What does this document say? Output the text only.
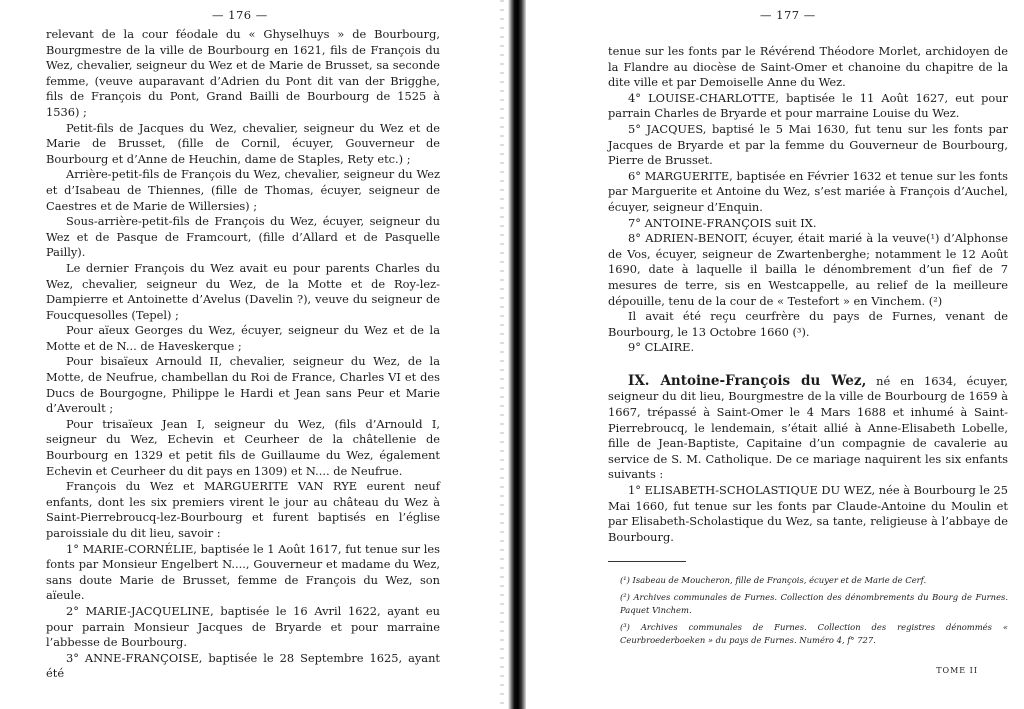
— 176 —

relevant de la cour féodale du « Ghyselhuys » de Bourbourg, Bourgmestre de la ville de Bourbourg en 1621, fils de François du Wez, chevalier, seigneur du Wez et de Marie de Brusset, sa seconde femme, (veuve auparavant d’Adrien du Pont dit van der Brigghe, fils de François du Pont, Grand Bailli de Bourbourg de 1525 à 1536) ;

Petit-fils de Jacques du Wez, chevalier, seigneur du Wez et de Marie de Brusset, (fille de Cornil, écuyer, Gouverneur de Bourbourg et d’Anne de Heuchin, dame de Staples, Rety etc.) ;

Arrière-petit-fils de François du Wez, chevalier, seigneur du Wez et d’Isabeau de Thiennes, (fille de Thomas, écuyer, seigneur de Caestres et de Marie de Willersies) ;

Sous-arrière-petit-fils de François du Wez, écuyer, seigneur du Wez et de Pasque de Framcourt, (fille d’Allard et de Pasquelle Pailly).

Le dernier François du Wez avait eu pour parents Charles du Wez, chevalier, seigneur du Wez, de la Motte et de Roy-lez-Dampierre et Antoinette d’Avelus (Davelin ?), veuve du seigneur de Foucquesolles (Tepel) ;

Pour aïeux Georges du Wez, écuyer, seigneur du Wez et de la Motte et de N... de Haveskerque ;

Pour bisaïeux Arnould II, chevalier, seigneur du Wez, de la Motte, de Neufrue, chambellan du Roi de France, Charles VI et des Ducs de Bourgogne, Philippe le Hardi et Jean sans Peur et Marie d’Averoult ;

Pour trisaïeux Jean I, seigneur du Wez, (fils d’Arnould I, seigneur du Wez, Echevin et Ceurheer de la châtellenie de Bourbourg en 1329 et petit fils de Guillaume du Wez, également Echevin et Ceurheer du dit pays en 1309) et N.... de Neufrue.

François du Wez et MARGUERITE VAN RYE eurent neuf enfants, dont les six premiers virent le jour au château du Wez à Saint-Pierrebroucq-lez-Bourbourg et furent baptisés en l’église paroissiale du dit lieu, savoir :

1° MARIE-CORNÉLIE, baptisée le 1 Août 1617, fut tenue sur les fonts par Monsieur Engelbert N...., Gouverneur et madame du Wez, sans doute Marie de Brusset, femme de François du Wez, son aïeule.

2° MARIE-JACQUELINE, baptisée le 16 Avril 1622, ayant eu pour parrain Monsieur Jacques de Bryarde et pour marraine l’abbesse de Bourbourg.

3° ANNE-FRANÇOISE, baptisée le 28 Septembre 1625, ayant été

— 177 —

tenue sur les fonts par le Révérend Théodore Morlet, archidoyen de la Flandre au diocèse de Saint-Omer et chanoine du chapitre de la dite ville et par Demoiselle Anne du Wez.

4° LOUISE-CHARLOTTE, baptisée le 11 Août 1627, eut pour parrain Charles de Bryarde et pour marraine Louise du Wez.

5° JACQUES, baptisé le 5 Mai 1630, fut tenu sur les fonts par Jacques de Bryarde et par la femme du Gouverneur de Bourbourg, Pierre de Brusset.

6° MARGUERITE, baptisée en Février 1632 et tenue sur les fonts par Marguerite et Antoine du Wez, s’est mariée à François d’Auchel, écuyer, seigneur d’Enquin.

7° ANTOINE-FRANÇOIS suit IX.

8° ADRIEN-BENOIT, écuyer, était marié à la veuve(¹) d’Alphonse de Vos, écuyer, seigneur de Zwartenberghe; notamment le 12 Août 1690, date à laquelle il bailla le dénombrement d’un fief de 7 mesures de terre, sis en Westcappelle, au relief de la meilleure dépouille, tenu de la cour de « Testefort » en Vinchem. (²)

Il avait été reçu ceurfrère du pays de Furnes, venant de Bourbourg, le 13 Octobre 1660 (³).

9° CLAIRE.

IX. Antoine-François du Wez, né en 1634, écuyer, seigneur du dit lieu, Bourgmestre de la ville de Bourbourg de 1659 à 1667, trépassé à Saint-Omer le 4 Mars 1688 et inhumé à Saint-Pierrebroucq, le lendemain, s’était allié à Anne-Elisabeth Lobelle, fille de Jean-Baptiste, Capitaine d’un compagnie de cavalerie au service de S. M. Catholique. De ce mariage naquirent les six enfants suivants :

1° ELISABETH-SCHOLASTIQUE DU WEZ, née à Bourbourg le 25 Mai 1660, fut tenue sur les fonts par Claude-Antoine du Moulin et par Elisabeth-Scholastique du Wez, sa tante, religieuse à l’abbaye de Bourbourg.

(¹) Isabeau de Moucheron, fille de François, écuyer et de Marie de Cerf.

(²) Archives communales de Furnes. Collection des dénombrements du Bourg de Furnes. Paquet Vinchem.

(³) Archives communales de Furnes. Collection des registres dénommés « Ceurbroederboeken » du pays de Furnes. Numéro 4, f° 727.

TOME II
